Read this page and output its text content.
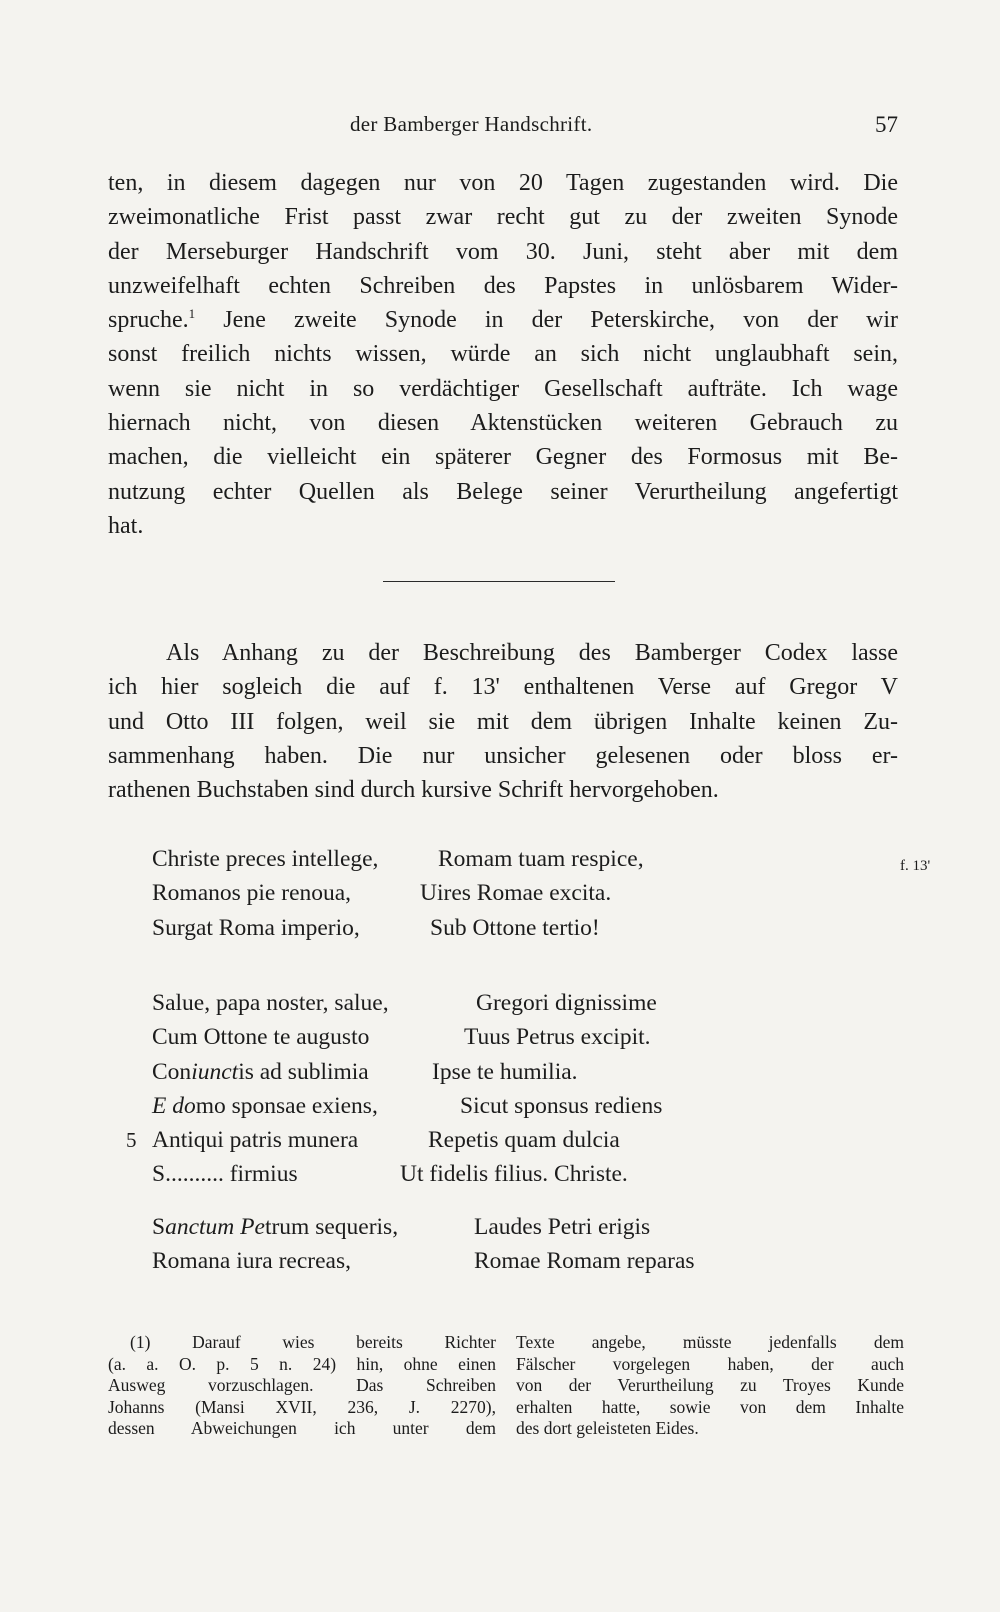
der Bamberger Handschrift.	57
ten, in diesem dagegen nur von 20 Tagen zugestanden wird. Die
zweimonatliche Frist passt zwar recht gut zu der zweiten Synode
der Merseburger Handschrift vom 30. Juni, steht aber mit dem
unzweifelhaft echten Schreiben des Papstes in unlösbarem Wider-
spruche.$^1$ Jene zweite Synode in der Peterskirche, von der wir
sonst freilich nichts wissen, würde an sich nicht unglaubhaft sein,
wenn sie nicht in so verdächtiger Gesellschaft aufträte. Ich wage
hiernach nicht, von diesen Aktenstücken weiteren Gebrauch zu
machen, die vielleicht ein späterer Gegner des Formosus mit Be-
nutzung echter Quellen als Belege seiner Verurtheilung angefertigt
hat.
Als Anhang zu der Beschreibung des Bamberger Codex lasse
ich hier sogleich die auf f. 13' enthaltenen Verse auf Gregor V
und Otto III folgen, weil sie mit dem übrigen Inhalte keinen Zu-
sammenhang haben. Die nur unsicher gelesenen oder bloss er-
rathenen Buchstaben sind durch kursive Schrift hervorgehoben.
f. 13'
Christe preces intellege,	Romam tuam respice,
Romanos pie renoua,	Uires Romae excita.
Surgat Roma imperio,	Sub Ottone tertio!
Salue, papa noster, salue,	Gregori dignissime
Cum Ottone te augusto	Tuus Petrus excipit.
Coniunctis ad sublimia	Ipse te humilia.
E domo sponsae exiens,	Sicut sponsus rediens
5 Antiqui patris munera	Repetis quam dulcia
S.......... firmius	Ut fidelis filius. Christe.
Sanctum Petrum sequeris,	Laudes Petri erigis
Romana iura recreas,	Romae Romam reparas
(1) Darauf wies bereits Richter
(a. a. O. p. 5 n. 24) hin, ohne einen
Ausweg vorzuschlagen. Das Schreiben
Johanns (Mansi XVII, 236, J. 2270),
dessen Abweichungen ich unter dem
Texte angebe, müsste jedenfalls dem
Fälscher vorgelegen haben, der auch
von der Verurtheilung zu Troyes Kunde
erhalten hatte, sowie von dem Inhalte
des dort geleisteten Eides.
